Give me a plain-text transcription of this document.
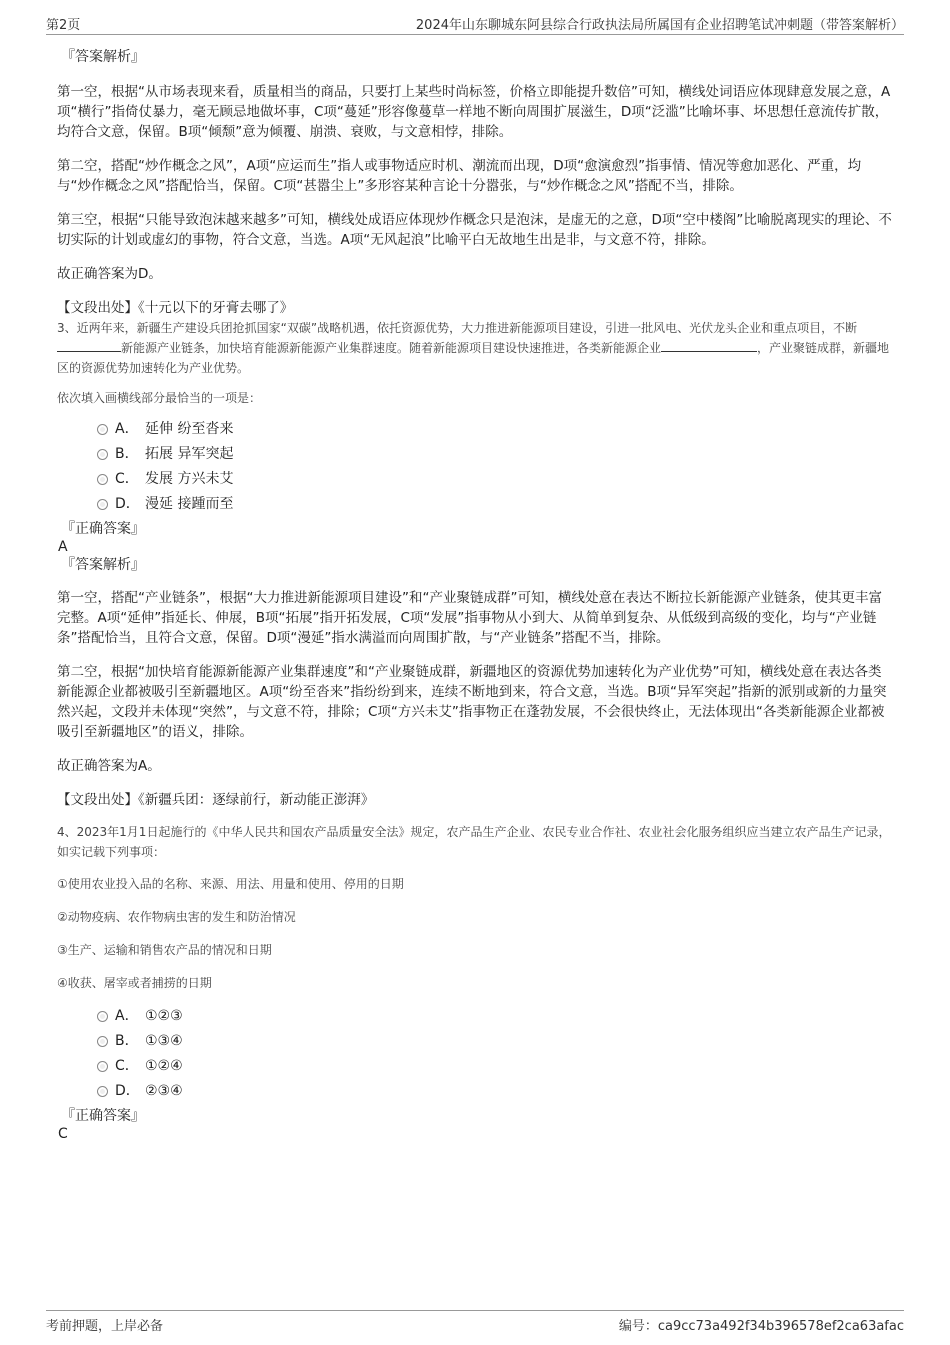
第2页	2024年山东聊城东阿县综合行政执法局所属国有企业招聘笔试冲刺题（带答案解析）
『答案解析』

第一空，根据“从市场表现来看，质量相当的商品，只要打上某些时尚标签，价格立即能提升数倍”可知，横线处词语应体现肆意发展之意，A项“横行”指倚仗暴力，毫无顾忌地做坏事，C项“蔓延”形容像蔓草一样地不断向周围扩展滋生，D项“泛滥”比喻坏事、坏思想任意流传扩散，均符合文意，保留。B项“倾颓”意为倾覆、崩溃、衰败，与文意相悖，排除。

第二空，搭配“炒作概念之风”，A项“应运而生”指人或事物适应时机、潮流而出现，D项“愈演愈烈”指事情、情况等愈加恶化、严重，均与“炒作概念之风”搭配恰当，保留。C项“甚嚣尘上”多形容某种言论十分嚣张，与“炒作概念之风”搭配不当，排除。

第三空，根据“只能导致泡沫越来越多”可知，横线处成语应体现炒作概念只是泡沫，是虚无的之意，D项“空中楼阁”比喻脱离现实的理论、不切实际的计划或虚幻的事物，符合文意，当选。A项“无风起浪”比喻平白无故地生出是非，与文意不符，排除。

故正确答案为D。

【文段出处】《十元以下的牙膏去哪了》

3、近两年来，新疆生产建设兵团抢抓国家“双碳”战略机遇，依托资源优势，大力推进新能源项目建设，引进一批风电、光伏龙头企业和重点项目，不断新能源产业链条，加快培育能源新能源产业集群速度。随着新能源项目建设快速推进，各类新能源企业	，产业聚链成群，新疆地区的资源优势加速转化为产业优势。

依次填入画横线部分最恰当的一项是：

A． 延伸 纷至沓来
B． 拓展 异军突起
C． 发展 方兴未艾
D． 漫延 接踵而至
『正确答案』
A
『答案解析』

第一空，搭配“产业链条”，根据“大力推进新能源项目建设”和“产业聚链成群”可知，横线处意在表达不断拉长新能源产业链条，使其更丰富完整。A项“延伸”指延长、伸展，B项“拓展”指开拓发展，C项“发展”指事物从小到大、从简单到复杂、从低级到高级的变化，均与“产业链条”搭配恰当，且符合文意，保留。D项“漫延”指水满溢而向周围扩散，与“产业链条”搭配不当，排除。

第二空，根据“加快培育能源新能源产业集群速度”和“产业聚链成群，新疆地区的资源优势加速转化为产业优势”可知，横线处意在表达各类新能源企业都被吸引至新疆地区。A项“纷至沓来”指纷纷到来，连续不断地到来，符合文意，当选。B项“异军突起”指新的派别或新的力量突然兴起，文段并未体现“突然”，与文意不符，排除；C项“方兴未艾”指事物正在蓬勃发展，不会很快终止，无法体现出“各类新能源企业都被吸引至新疆地区”的语义，排除。

故正确答案为A。

【文段出处】《新疆兵团：逐绿前行，新动能正澎湃》

4、2023年1月1日起施行的《中华人民共和国农产品质量安全法》规定，农产品生产企业、农民专业合作社、农业社会化服务组织应当建立农产品生产记录，如实记载下列事项：

①使用农业投入品的名称、来源、用法、用量和使用、停用的日期

②动物疫病、农作物病虫害的发生和防治情况

③生产、运输和销售农产品的情况和日期

④收获、屠宰或者捕捞的日期

A． ①②③
B． ①③④
C． ①②④
D． ②③④
『正确答案』
C
考前押题，上岸必备	编号：ca9cc73a492f34b396578ef2ca63afac
